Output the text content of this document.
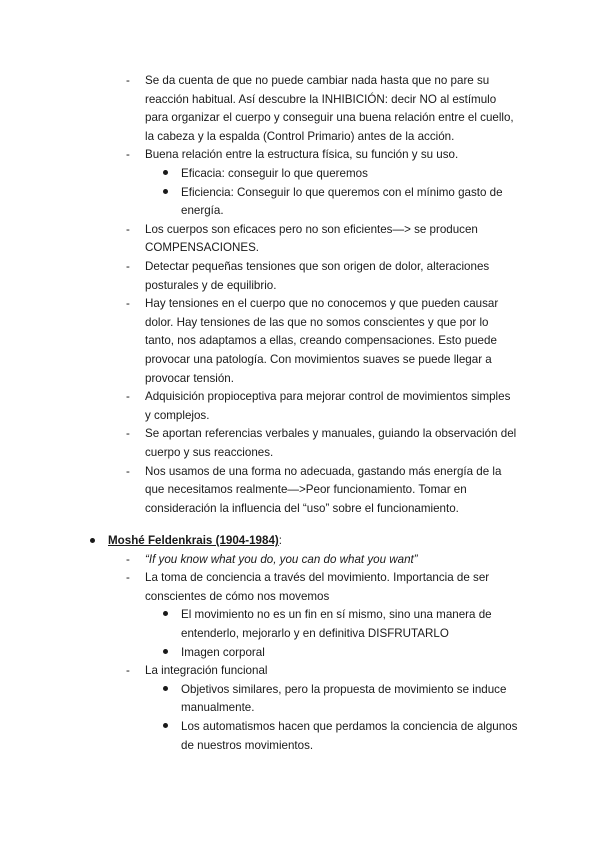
- Se da cuenta de que no puede cambiar nada hasta que no pare su
reacción habitual. Así descubre la INHIBICIÓN: decir NO al estímulo
para organizar el cuerpo y conseguir una buena relación entre el cuello,
la cabeza y la espalda (Control Primario) antes de la acción.
- Buena relación entre la estructura física, su función y su uso.
Eficacia: conseguir lo que queremos
Eficiencia: Conseguir lo que queremos con el mínimo gasto de
energía.
- Los cuerpos son eficaces pero no son eficientes—> se producen
COMPENSACIONES.
- Detectar pequeñas tensiones que son origen de dolor, alteraciones
posturales y de equilibrio.
- Hay tensiones en el cuerpo que no conocemos y que pueden causar
dolor. Hay tensiones de las que no somos conscientes y que por lo
tanto, nos adaptamos a ellas, creando compensaciones. Esto puede
provocar una patología. Con movimientos suaves se puede llegar a
provocar tensión.
- Adquisición propioceptiva para mejorar control de movimientos simples
y complejos.
- Se aportan referencias verbales y manuales, guiando la observación del
cuerpo y sus reacciones.
- Nos usamos de una forma no adecuada, gastando más energía de la
que necesitamos realmente—>Peor funcionamiento. Tomar en
consideración la influencia del “uso” sobre el funcionamiento.
Moshé Feldenkrais (1904-1984):
- “If you know what you do, you can do what you want”
- La toma de conciencia a través del movimiento. Importancia de ser
conscientes de cómo nos movemos
El movimiento no es un fin en sí mismo, sino una manera de
entenderlo, mejorarlo y en definitiva DISFRUTARLO
Imagen corporal
- La integración funcional
Objetivos similares, pero la propuesta de movimiento se induce
manualmente.
Los automatismos hacen que perdamos la conciencia de algunos
de nuestros movimientos.
